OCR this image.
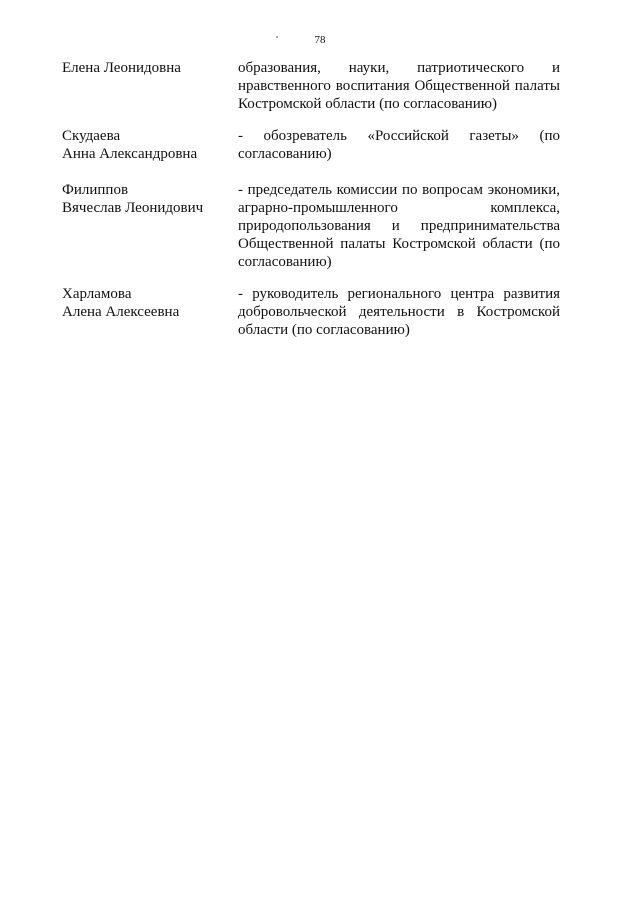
78
Елена Леонидовна	образования, науки, патриотического и
нравственного воспитания Общественной палаты
Костромской области (по согласованию)
Скудаева
Анна Александровна
- обозреватель «Российской газеты» (по
согласованию)
Филиппов
Вячеслав Леонидович
- председатель комиссии по вопросам экономики,
аграрно-промышленного комплекса,
природопользования и предпринимательства
Общественной палаты Костромской области (по
согласованию)
Харламова
Алена Алексеевна
- руководитель регионального центра развития
добровольческой деятельности в Костромской
области (по согласованию)
